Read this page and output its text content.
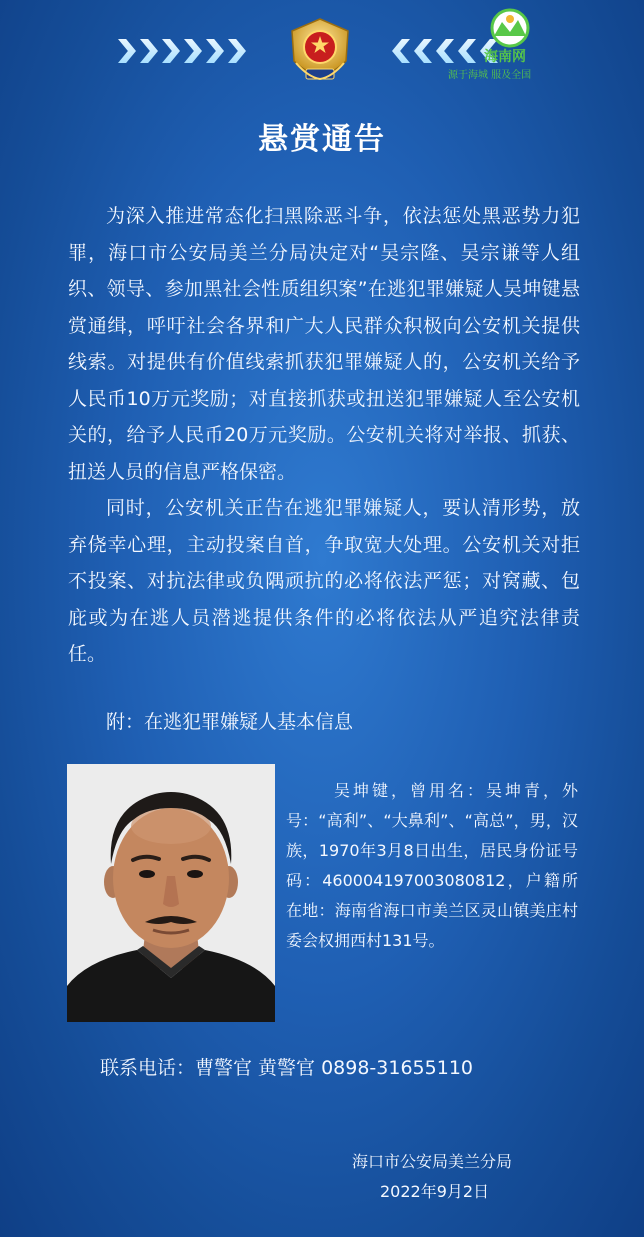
海南网
源于海城 服及全国
悬赏通告

为深入推进常态化扫黑除恶斗争，依法惩处黑恶势力犯罪，海口市公安局美兰分局决定对“吴宗隆、吴宗谦等人组织、领导、参加黑社会性质组织案”在逃犯罪嫌疑人吴坤键悬赏通缉，呼吁社会各界和广大人民群众积极向公安机关提供线索。对提供有价值线索抓获犯罪嫌疑人的，公安机关给予人民币10万元奖励；对直接抓获或扭送犯罪嫌疑人至公安机关的，给予人民币20万元奖励。公安机关将对举报、抓获、扭送人员的信息严格保密。

同时，公安机关正告在逃犯罪嫌疑人，要认清形势，放弃侥幸心理，主动投案自首，争取宽大处理。公安机关对拒不投案、对抗法律或负隅顽抗的必将依法严惩；对窝藏、包庇或为在逃人员潜逃提供条件的必将依法从严追究法律责任。

附：在逃犯罪嫌疑人基本信息

吴坤键，曾用名：吴坤青，外号：“高利”、“大鼻利”、“高总”，男，汉族，1970年3月8日出生，居民身份证号码：460004197003080812，户籍所在地：海南省海口市美兰区灵山镇美庄村委会权拥西村131号。

联系电话：曹警官 黄警官 0898-31655110
海口市公安局美兰分局
2022年9月2日
